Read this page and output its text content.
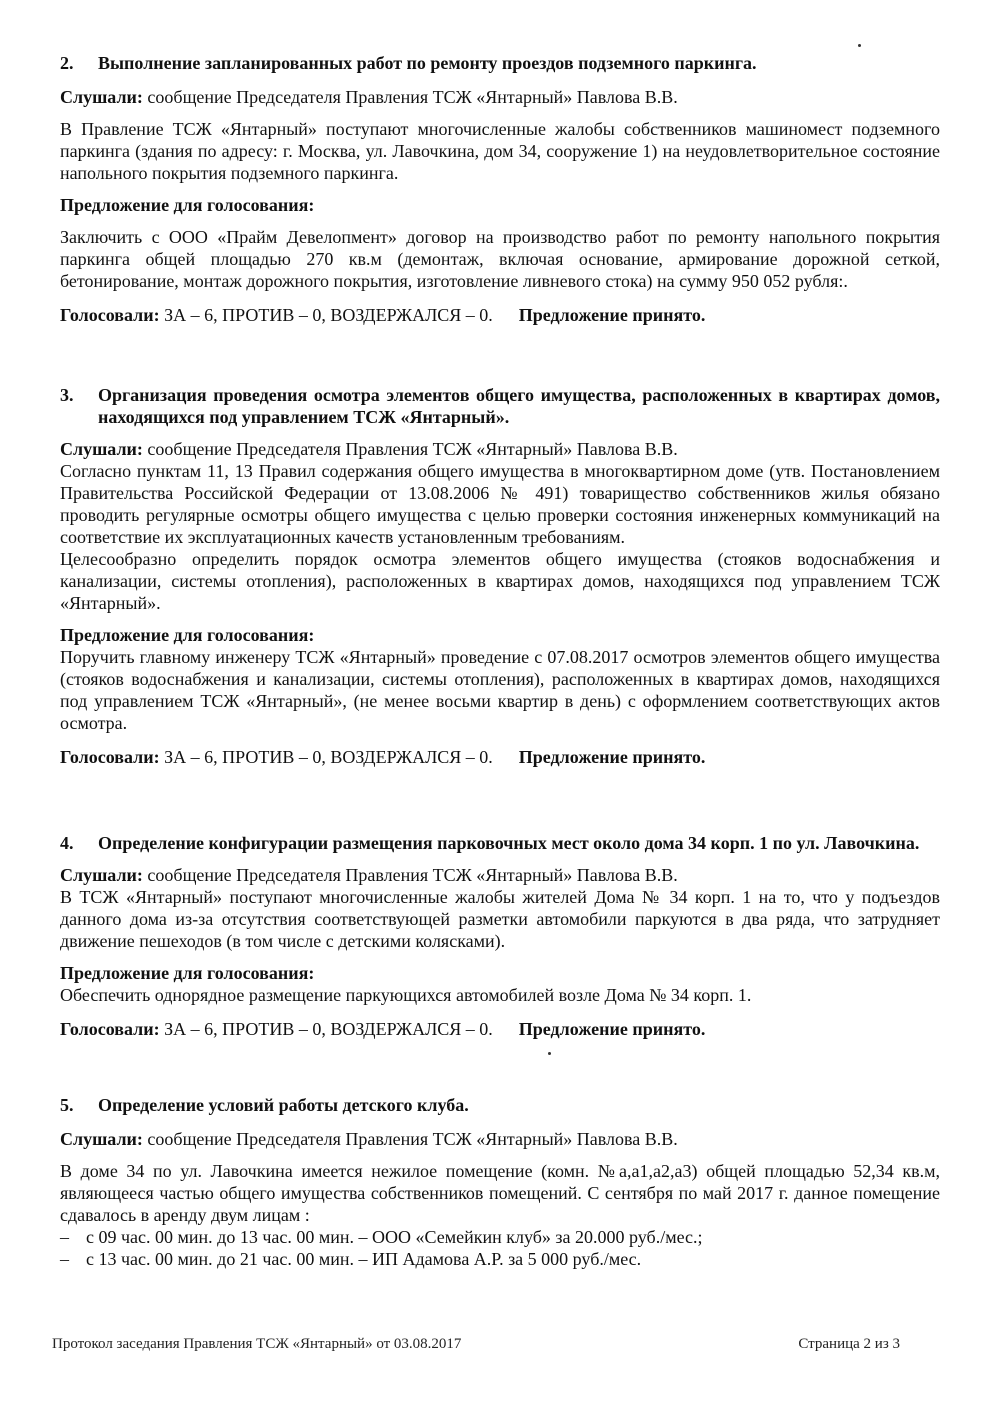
2. Выполнение запланированных работ по ремонту проездов подземного паркинга.

Слушали: сообщение Председателя Правления ТСЖ «Янтарный» Павлова В.В.

В Правление ТСЖ «Янтарный» поступают многочисленные жалобы собственников машиномест подземного паркинга (здания по адресу: г. Москва, ул. Лавочкина, дом 34, сооружение 1) на неудовлетворительное состояние напольного покрытия подземного паркинга.

Предложение для голосования:

Заключить с ООО «Прайм Девелопмент» договор на производство работ по ремонту напольного покрытия паркинга общей площадью 270 кв.м (демонтаж, включая основание, армирование дорожной сеткой, бетонирование, монтаж дорожного покрытия, изготовление ливневого стока) на сумму 950 052 рубля:.

Голосовали: ЗА – 6, ПРОТИВ – 0, ВОЗДЕРЖАЛСЯ – 0. Предложение принято.

3. Организация проведения осмотра элементов общего имущества, расположенных в квартирах домов, находящихся под управлением ТСЖ «Янтарный».

Слушали: сообщение Председателя Правления ТСЖ «Янтарный» Павлова В.В.

Согласно пунктам 11, 13 Правил содержания общего имущества в многоквартирном доме (утв. Постановлением Правительства Российской Федерации от 13.08.2006 № 491) товарищество собственников жилья обязано проводить регулярные осмотры общего имущества с целью проверки состояния инженерных коммуникаций на соответствие их эксплуатационных качеств установленным требованиям.

Целесообразно определить порядок осмотра элементов общего имущества (стояков водоснабжения и канализации, системы отопления), расположенных в квартирах домов, находящихся под управлением ТСЖ «Янтарный».

Предложение для голосования:

Поручить главному инженеру ТСЖ «Янтарный» проведение с 07.08.2017 осмотров элементов общего имущества (стояков водоснабжения и канализации, системы отопления), расположенных в квартирах домов, находящихся под управлением ТСЖ «Янтарный», (не менее восьми квартир в день) с оформлением соответствующих актов осмотра.

Голосовали: ЗА – 6, ПРОТИВ – 0, ВОЗДЕРЖАЛСЯ – 0. Предложение принято.

4. Определение конфигурации размещения парковочных мест около дома 34 корп. 1 по ул. Лавочкина.

Слушали: сообщение Председателя Правления ТСЖ «Янтарный» Павлова В.В.

В ТСЖ «Янтарный» поступают многочисленные жалобы жителей Дома № 34 корп. 1 на то, что у подъездов данного дома из-за отсутствия соответствующей разметки автомобили паркуются в два ряда, что затрудняет движение пешеходов (в том числе с детскими колясками).

Предложение для голосования:

Обеспечить однорядное размещение паркующихся автомобилей возле Дома № 34 корп. 1.

Голосовали: ЗА – 6, ПРОТИВ – 0, ВОЗДЕРЖАЛСЯ – 0. Предложение принято.

5. Определение условий работы детского клуба.

Слушали: сообщение Председателя Правления ТСЖ «Янтарный» Павлова В.В.

В доме 34 по ул. Лавочкина имеется нежилое помещение (комн. №а,а1,а2,а3) общей площадью 52,34 кв.м, являющееся частью общего имущества собственников помещений. С сентября по май 2017 г. данное помещение сдавалось в аренду двум лицам :

– с 09 час. 00 мин. до 13 час. 00 мин. – ООО «Семейкин клуб» за 20.000 руб./мес.;
– с 13 час. 00 мин. до 21 час. 00 мин. – ИП Адамова А.Р. за 5 000 руб./мес.
Протокол заседания Правления ТСЖ «Янтарный» от 03.08.2017	Страница 2 из 3
